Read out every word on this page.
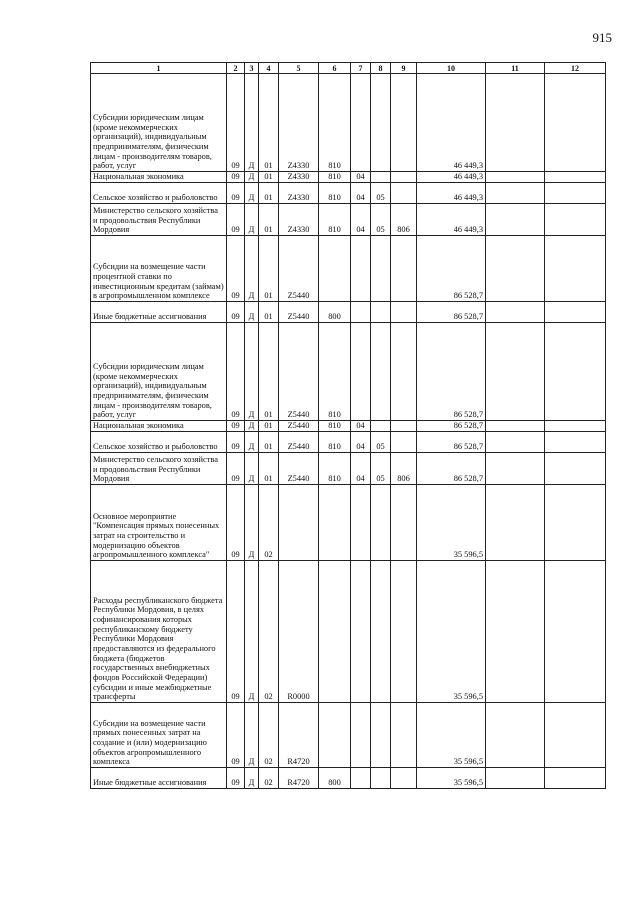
915
1	2	3	4	5	6	7	8	9	10	11	12
Субсидии юридическим лицам (кроме некоммерческих организаций), индивидуальным предпринимателям, физическим лицам - производителям товаров, работ, услуг	09	Д	01	Z4330	810				46 449,3		
Национальная экономика	09	Д	01	Z4330	810	04			46 449,3		
Сельское хозяйство и рыболовство	09	Д	01	Z4330	810	04	05		46 449,3		
Министерство сельского хозяйства и продовольствия Республики Мордовия	09	Д	01	Z4330	810	04	05	806	46 449,3		
Субсидии на возмещение части процентной ставки по инвестиционным кредитам (займам) в агропромышленном комплексе	09	Д	01	Z5440					86 528,7		
Иные бюджетные ассигнования	09	Д	01	Z5440	800				86 528,7		
Субсидии юридическим лицам (кроме некоммерческих организаций), индивидуальным предпринимателям, физическим лицам - производителям товаров, работ, услуг	09	Д	01	Z5440	810				86 528,7		
Национальная экономика	09	Д	01	Z5440	810	04			86 528,7		
Сельское хозяйство и рыболовство	09	Д	01	Z5440	810	04	05		86 528,7		
Министерство сельского хозяйства и продовольствия Республики Мордовия	09	Д	01	Z5440	810	04	05	806	86 528,7		
Основное мероприятие "Компенсация прямых понесенных затрат на строительство и модернизацию объектов агропромышленного комплекса"	09	Д	02						35 596,5		
Расходы республиканского бюджета Республики Мордовия, в целях софинансирования которых республиканскому бюджету Республики Мордовия предоставляются из федерального бюджета (бюджетов государственных внебюджетных фондов Российской Федерации) субсидии и иные межбюджетные трансферты	09	Д	02	R0000					35 596,5		
Субсидии на возмещение части прямых понесенных затрат на создание и (или) модернизацию объектов агропромышленного комплекса	09	Д	02	R4720					35 596,5		
Иные бюджетные ассигнования	09	Д	02	R4720	800				35 596,5		
